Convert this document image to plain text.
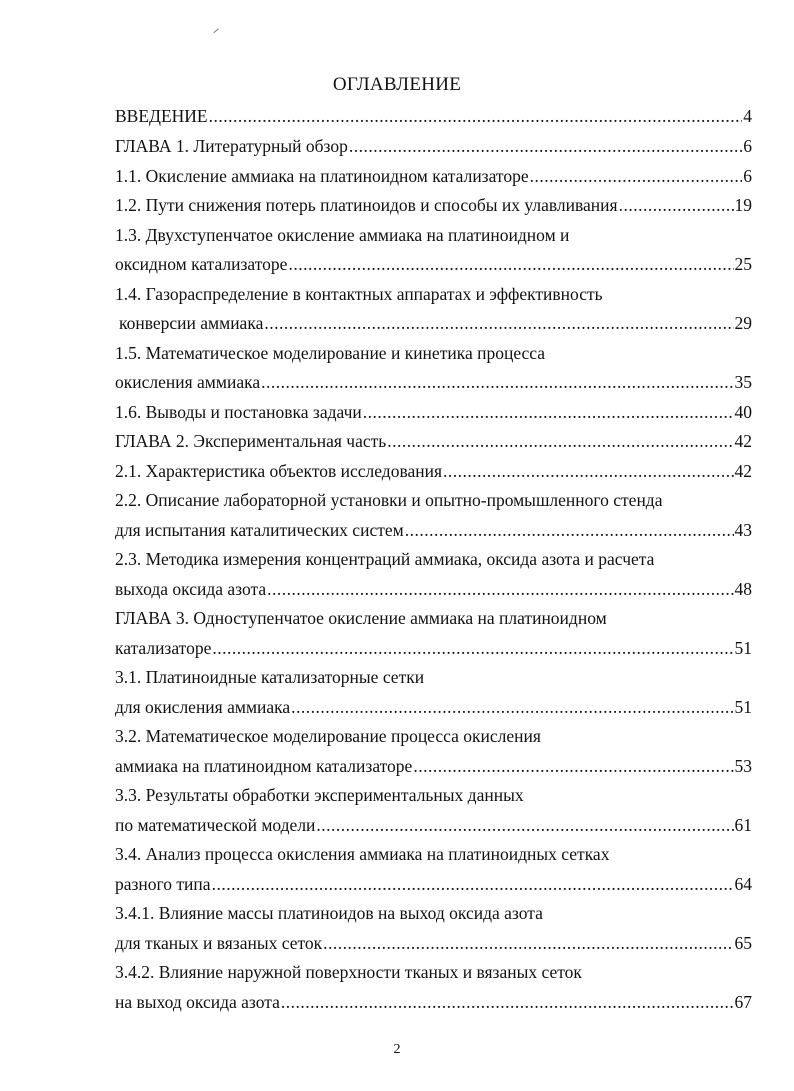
ОГЛАВЛЕНИЕ
ВВЕДЕНИЕ .....	4
ГЛАВА 1. Литературный обзор .....	6
1.1. Окисление аммиака на платиноидном катализаторе .....	6
1.2. Пути снижения потерь платиноидов и способы их улавливания .....	19
1.3. Двухступенчатое окисление аммиака на платиноидном и
оксидном катализаторе .....	25
1.4. Газораспределение в контактных аппаратах и эффективность
конверсии аммиака .....	29
1.5. Математическое моделирование и кинетика процесса
окисления аммиака .....	35
1.6. Выводы и постановка задачи .....	40
ГЛАВА 2. Экспериментальная часть .....	42
2.1. Характеристика объектов исследования .....	42
2.2. Описание лабораторной установки и опытно-промышленного стенда
для испытания каталитических систем .....	43
2.3. Методика измерения концентраций аммиака, оксида азота и расчета
выхода оксида азота .....	48
ГЛАВА 3. Одноступенчатое окисление аммиака на платиноидном
катализаторе .....	51
3.1. Платиноидные катализаторные сетки
для окисления аммиака .....	51
3.2. Математическое моделирование процесса окисления
аммиака на платиноидном катализаторе .....	53
3.3. Результаты обработки экспериментальных данных
по математической модели .....	61
3.4. Анализ процесса окисления аммиака на платиноидных сетках
разного типа .....	64
3.4.1. Влияние массы платиноидов на выход оксида азота
для тканых и вязаных сеток .....	65
3.4.2. Влияние наружной поверхности тканых и вязаных сеток
на выход оксида азота .....	67
2
